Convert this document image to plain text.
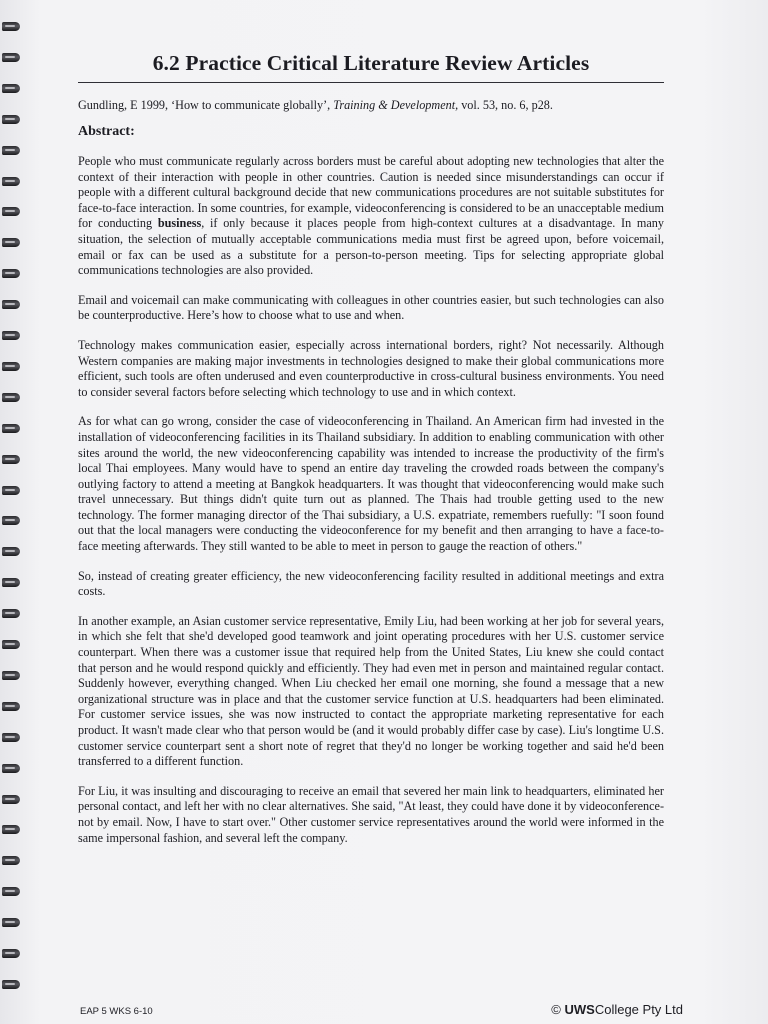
6.2 Practice Critical Literature Review Articles
Gundling, E 1999, ‘How to communicate globally’, Training & Development, vol. 53, no. 6, p28.
Abstract:

People who must communicate regularly across borders must be careful about adopting new technologies that alter the context of their interaction with people in other countries. Caution is needed since misunderstandings can occur if people with a different cultural background decide that new communications procedures are not suitable substitutes for face-to-face interaction. In some countries, for example, videoconferencing is considered to be an unacceptable medium for conducting business, if only because it places people from high-context cultures at a disadvantage. In many situation, the selection of mutually acceptable communications media must first be agreed upon, before voicemail, email or fax can be used as a substitute for a person-to-person meeting. Tips for selecting appropriate global communications technologies are also provided.

Email and voicemail can make communicating with colleagues in other countries easier, but such technologies can also be counterproductive. Here’s how to choose what to use and when.

Technology makes communication easier, especially across international borders, right? Not necessarily. Although Western companies are making major investments in technologies designed to make their global communications more efficient, such tools are often underused and even counterproductive in cross-cultural business environments. You need to consider several factors before selecting which technology to use and in which context.

As for what can go wrong, consider the case of videoconferencing in Thailand. An American firm had invested in the installation of videoconferencing facilities in its Thailand subsidiary. In addition to enabling communication with other sites around the world, the new videoconferencing capability was intended to increase the productivity of the firm's local Thai employees. Many would have to spend an entire day traveling the crowded roads between the company's outlying factory to attend a meeting at Bangkok headquarters. It was thought that videoconferencing would make such travel unnecessary. But things didn't quite turn out as planned. The Thais had trouble getting used to the new technology. The former managing director of the Thai subsidiary, a U.S. expatriate, remembers ruefully: "I soon found out that the local managers were conducting the videoconference for my benefit and then arranging to have a face-to-face meeting afterwards. They still wanted to be able to meet in person to gauge the reaction of others."

So, instead of creating greater efficiency, the new videoconferencing facility resulted in additional meetings and extra costs.

In another example, an Asian customer service representative, Emily Liu, had been working at her job for several years, in which she felt that she'd developed good teamwork and joint operating procedures with her U.S. customer service counterpart. When there was a customer issue that required help from the United States, Liu knew she could contact that person and he would respond quickly and efficiently. They had even met in person and maintained regular contact. Suddenly however, everything changed. When Liu checked her email one morning, she found a message that a new organizational structure was in place and that the customer service function at U.S. headquarters had been eliminated. For customer service issues, she was now instructed to contact the appropriate marketing representative for each product. It wasn't made clear who that person would be (and it would probably differ case by case). Liu's longtime U.S. customer service counterpart sent a short note of regret that they'd no longer be working together and said he'd been transferred to a different function.

For Liu, it was insulting and discouraging to receive an email that severed her main link to headquarters, eliminated her personal contact, and left her with no clear alternatives. She said, "At least, they could have done it by videoconference-not by email. Now, I have to start over." Other customer service representatives around the world were informed in the same impersonal fashion, and several left the company.

EAP 5 WKS 6-10	© UWSCollege Pty Ltd
